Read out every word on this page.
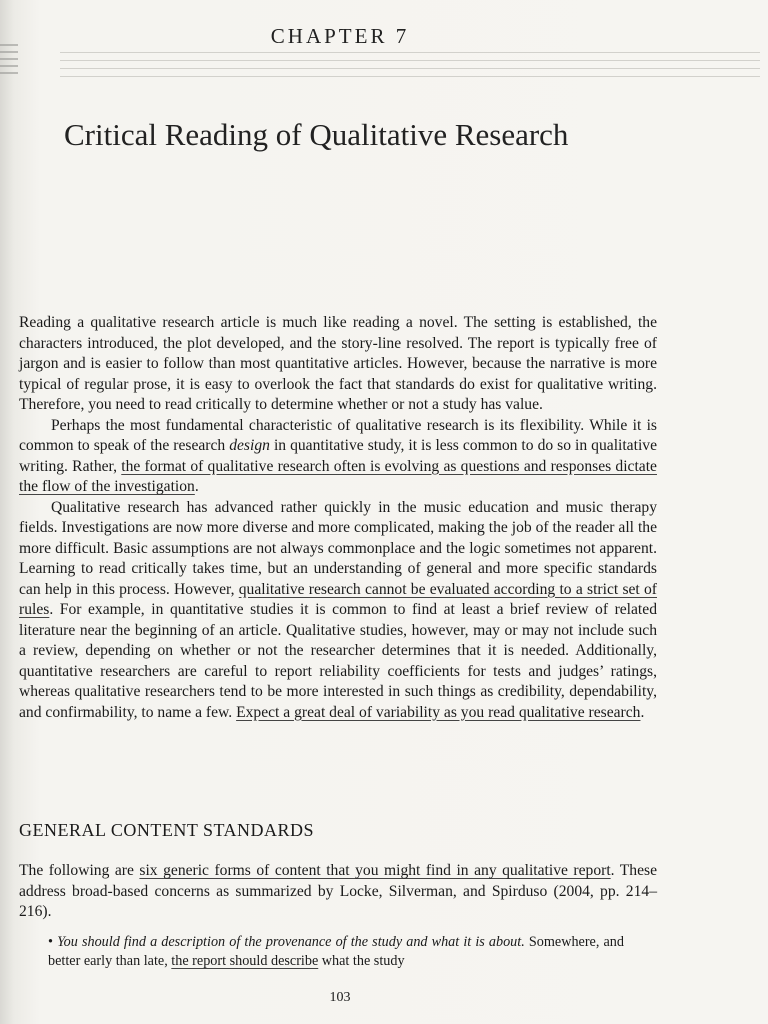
CHAPTER 7
Critical Reading of Qualitative Research

Reading a qualitative research article is much like reading a novel. The setting is established, the characters introduced, the plot developed, and the story-line resolved. The report is typically free of jargon and is easier to follow than most quantitative articles. However, because the narrative is more typical of regular prose, it is easy to overlook the fact that standards do exist for qualitative writing. Therefore, you need to read critically to determine whether or not a study has value.

Perhaps the most fundamental characteristic of qualitative research is its flexibility. While it is common to speak of the research design in quantitative study, it is less common to do so in qualitative writing. Rather, the format of qualitative research often is evolving as questions and responses dictate the flow of the investigation.

Qualitative research has advanced rather quickly in the music education and music therapy fields. Investigations are now more diverse and more complicated, making the job of the reader all the more difficult. Basic assumptions are not always commonplace and the logic sometimes not apparent. Learning to read critically takes time, but an understanding of general and more specific standards can help in this process. However, qualitative research cannot be evaluated according to a strict set of rules. For example, in quantitative studies it is common to find at least a brief review of related literature near the beginning of an article. Qualitative studies, however, may or may not include such a review, depending on whether or not the researcher determines that it is needed. Additionally, quantitative researchers are careful to report reliability coefficients for tests and judges’ ratings, whereas qualitative researchers tend to be more interested in such things as credibility, dependability, and confirmability, to name a few. Expect a great deal of variability as you read qualitative research.

GENERAL CONTENT STANDARDS

The following are six generic forms of content that you might find in any qualitative report. These address broad-based concerns as summarized by Locke, Silverman, and Spirduso (2004, pp. 214–216).

• You should find a description of the provenance of the study and what it is about. Somewhere, and better early than late, the report should describe what the study

103
